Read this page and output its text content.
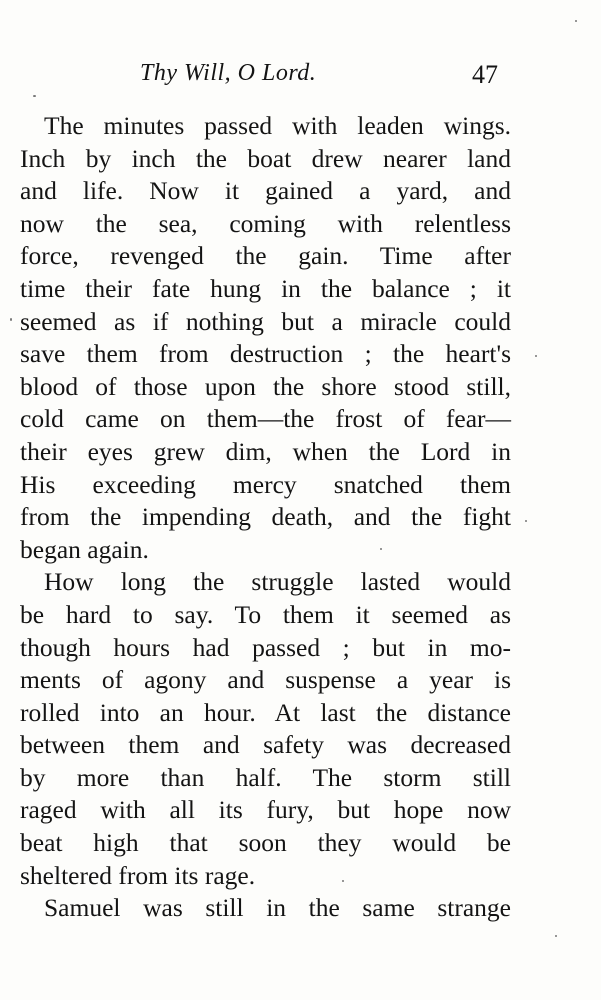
Thy Will, O Lord.	47
The minutes passed with leaden wings.
Inch by inch the boat drew nearer land
and life. Now it gained a yard, and
now the sea, coming with relentless
force, revenged the gain. Time after
time their fate hung in the balance ; it
seemed as if nothing but a miracle could
save them from destruction ; the heart's
blood of those upon the shore stood still,
cold came on them—the frost of fear—
their eyes grew dim, when the Lord in
His exceeding mercy snatched them
from the impending death, and the fight
began again.
How long the struggle lasted would
be hard to say. To them it seemed as
though hours had passed ; but in mo-
ments of agony and suspense a year is
rolled into an hour. At last the distance
between them and safety was decreased
by more than half. The storm still
raged with all its fury, but hope now
beat high that soon they would be
sheltered from its rage.
Samuel was still in the same strange
